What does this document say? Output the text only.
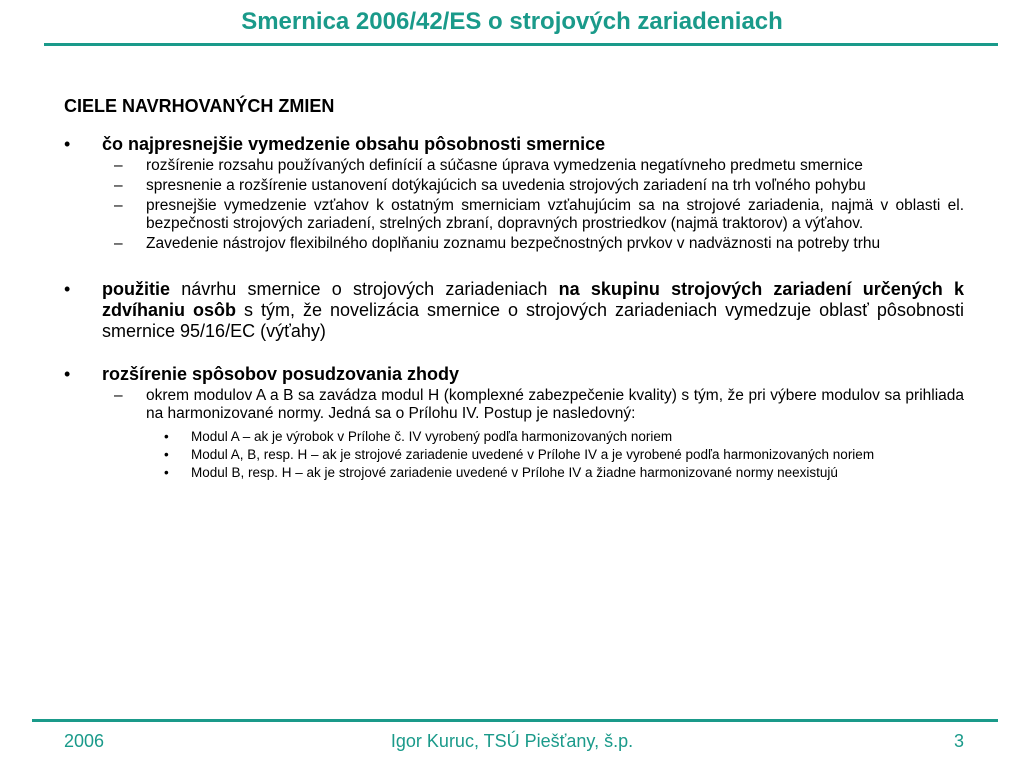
Smernica 2006/42/ES o strojových zariadeniach
CIELE NAVRHOVANÝCH ZMIEN
• čo najpresnejšie vymedzenie obsahu pôsobnosti smernice
– rozšírenie rozsahu používaných definícií a súčasne úprava vymedzenia negatívneho predmetu smernice
– spresnenie a rozšírenie ustanovení dotýkajúcich sa uvedenia strojových zariadení na trh voľného pohybu
– presnejšie vymedzenie vzťahov k ostatným smerniciam vzťahujúcim sa na strojové zariadenia, najmä v oblasti el. bezpečnosti strojových zariadení, strelných zbraní, dopravných prostriedkov (najmä traktorov) a výťahov.
– Zavedenie nástrojov flexibilného doplňaniu zoznamu bezpečnostných prvkov v nadväznosti na potreby trhu
• použitie návrhu smernice o strojových zariadeniach na skupinu strojových zariadení určených k zdvíhaniu osôb s tým, že novelizácia smernice o strojových zariadeniach vymedzuje oblasť pôsobnosti smernice 95/16/EC (výťahy)
• rozšírenie spôsobov posudzovania zhody
– okrem modulov A a B sa zavádza modul H (komplexné zabezpečenie kvality) s tým, že pri výbere modulov sa prihliada na harmonizované normy. Jedná sa o Prílohu IV. Postup je nasledovný:
• Modul A – ak je výrobok v Prílohe č. IV vyrobený podľa harmonizovaných noriem
• Modul A, B, resp. H – ak je strojové zariadenie uvedené v Prílohe IV a je vyrobené podľa harmonizovaných noriem
• Modul B, resp. H – ak je strojové zariadenie uvedené v Prílohe IV a žiadne harmonizované normy neexistujú
2006	Igor Kuruc, TSÚ Piešťany, š.p.	3
